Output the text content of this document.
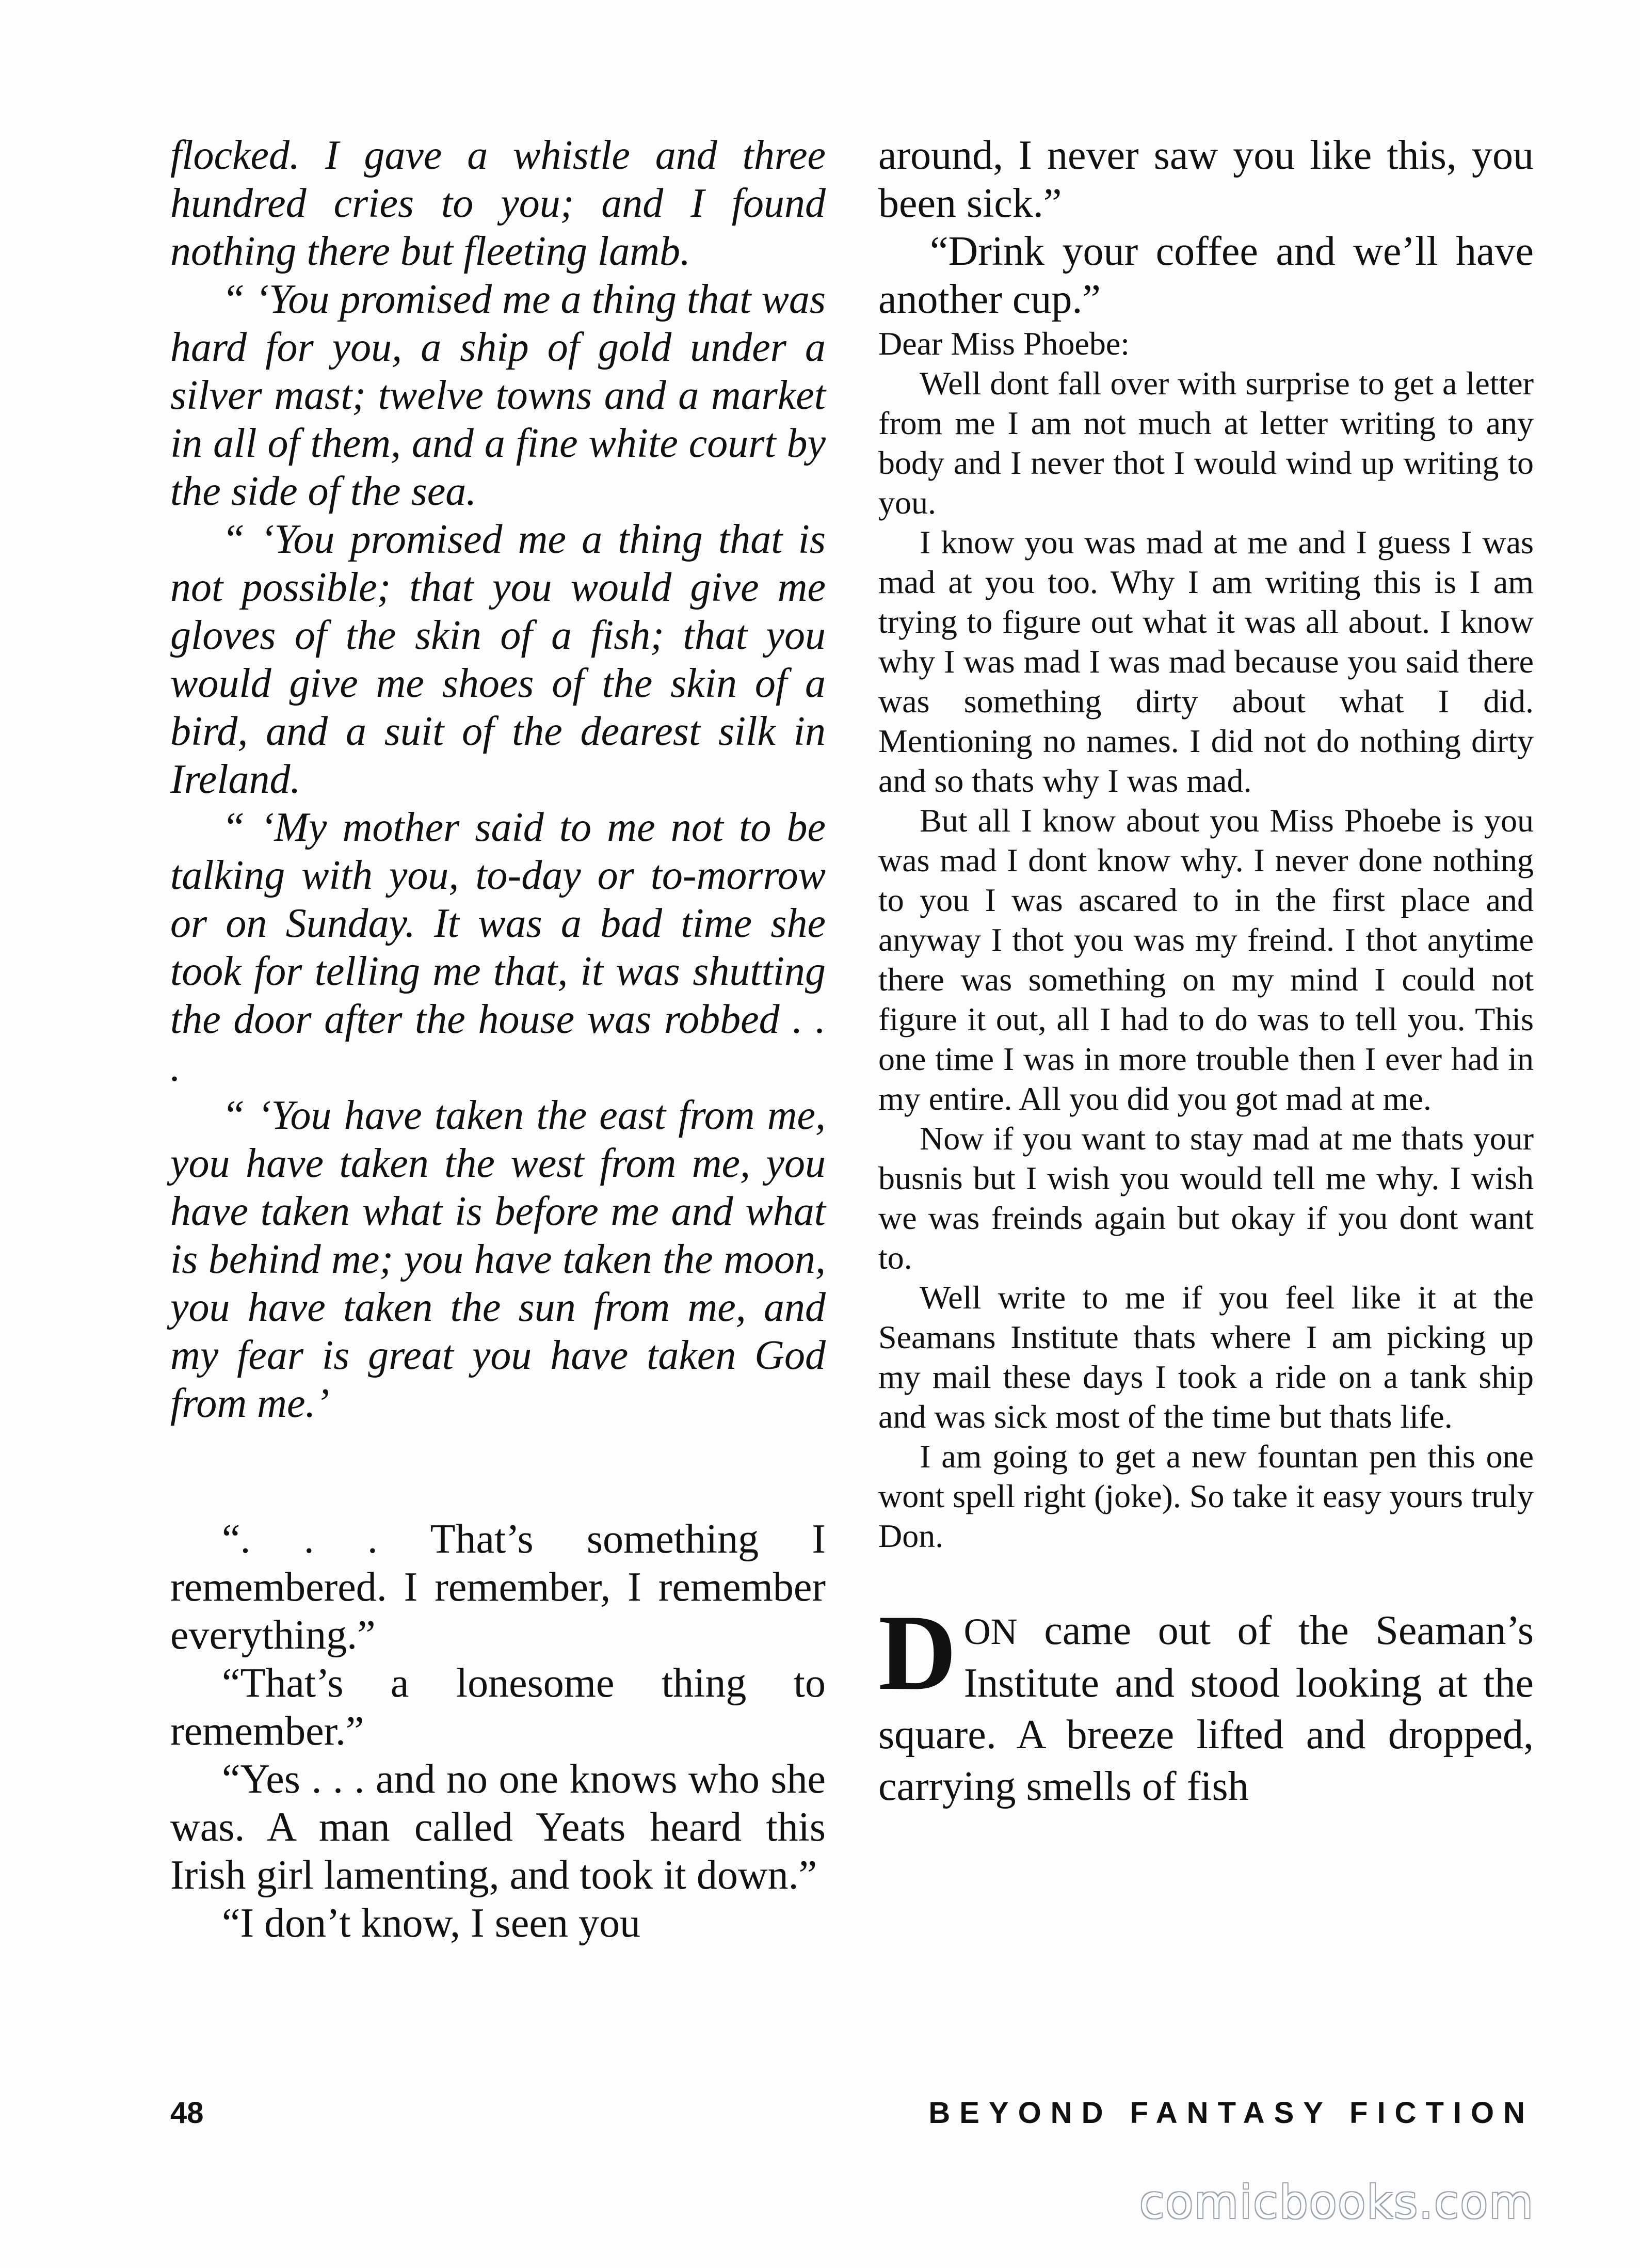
flocked. I gave a whistle and three hundred cries to you; and I found nothing there but fleeting lamb.

“ ‘You promised me a thing that was hard for you, a ship of gold under a silver mast; twelve towns and a market in all of them, and a fine white court by the side of the sea.

“ ‘You promised me a thing that is not possible; that you would give me gloves of the skin of a fish; that you would give me shoes of the skin of a bird, and a suit of the dearest silk in Ireland.

“ ‘My mother said to me not to be talking with you, to-day or to-morrow or on Sunday. It was a bad time she took for telling me that, it was shutting the door after the house was robbed . . .

“ ‘You have taken the east from me, you have taken the west from me, you have taken what is before me and what is behind me; you have taken the moon, you have taken the sun from me, and my fear is great you have taken God from me.’

“. . . That’s something I remembered. I remember, I remember everything.”

“That’s a lonesome thing to remember.”

“Yes . . . and no one knows who she was. A man called Yeats heard this Irish girl lamenting, and took it down.”

“I don’t know, I seen you

around, I never saw you like this, you been sick.”

“Drink your coffee and we’ll have another cup.”

Dear Miss Phoebe:

Well dont fall over with surprise to get a letter from me I am not much at letter writing to any body and I never thot I would wind up writing to you.

I know you was mad at me and I guess I was mad at you too. Why I am writing this is I am trying to figure out what it was all about. I know why I was mad I was mad because you said there was something dirty about what I did. Mentioning no names. I did not do nothing dirty and so thats why I was mad.

But all I know about you Miss Phoebe is you was mad I dont know why. I never done nothing to you I was ascared to in the first place and anyway I thot you was my freind. I thot anytime there was something on my mind I could not figure it out, all I had to do was to tell you. This one time I was in more trouble then I ever had in my entire. All you did you got mad at me.

Now if you want to stay mad at me thats your busnis but I wish you would tell me why. I wish we was freinds again but okay if you dont want to.

Well write to me if you feel like it at the Seamans Institute thats where I am picking up my mail these days I took a ride on a tank ship and was sick most of the time but thats life.

I am going to get a new fountan pen this one wont spell right (joke). So take it easy yours truly Don.

DON came out of the Seaman’s Institute and stood looking at the square. A breeze lifted and dropped, carrying smells of fish

48	BEYOND FANTASY FICTION
comicbooks.com
